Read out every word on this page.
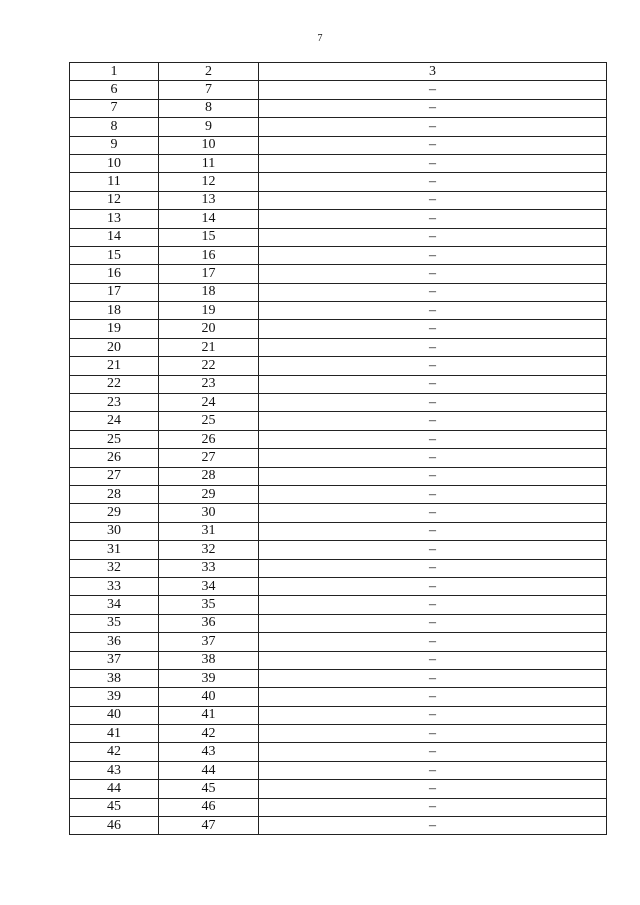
7
1	2	3
6	7	–
7	8	–
8	9	–
9	10	–
10	11	–
11	12	–
12	13	–
13	14	–
14	15	–
15	16	–
16	17	–
17	18	–
18	19	–
19	20	–
20	21	–
21	22	–
22	23	–
23	24	–
24	25	–
25	26	–
26	27	–
27	28	–
28	29	–
29	30	–
30	31	–
31	32	–
32	33	–
33	34	–
34	35	–
35	36	–
36	37	–
37	38	–
38	39	–
39	40	–
40	41	–
41	42	–
42	43	–
43	44	–
44	45	–
45	46	–
46	47	–
